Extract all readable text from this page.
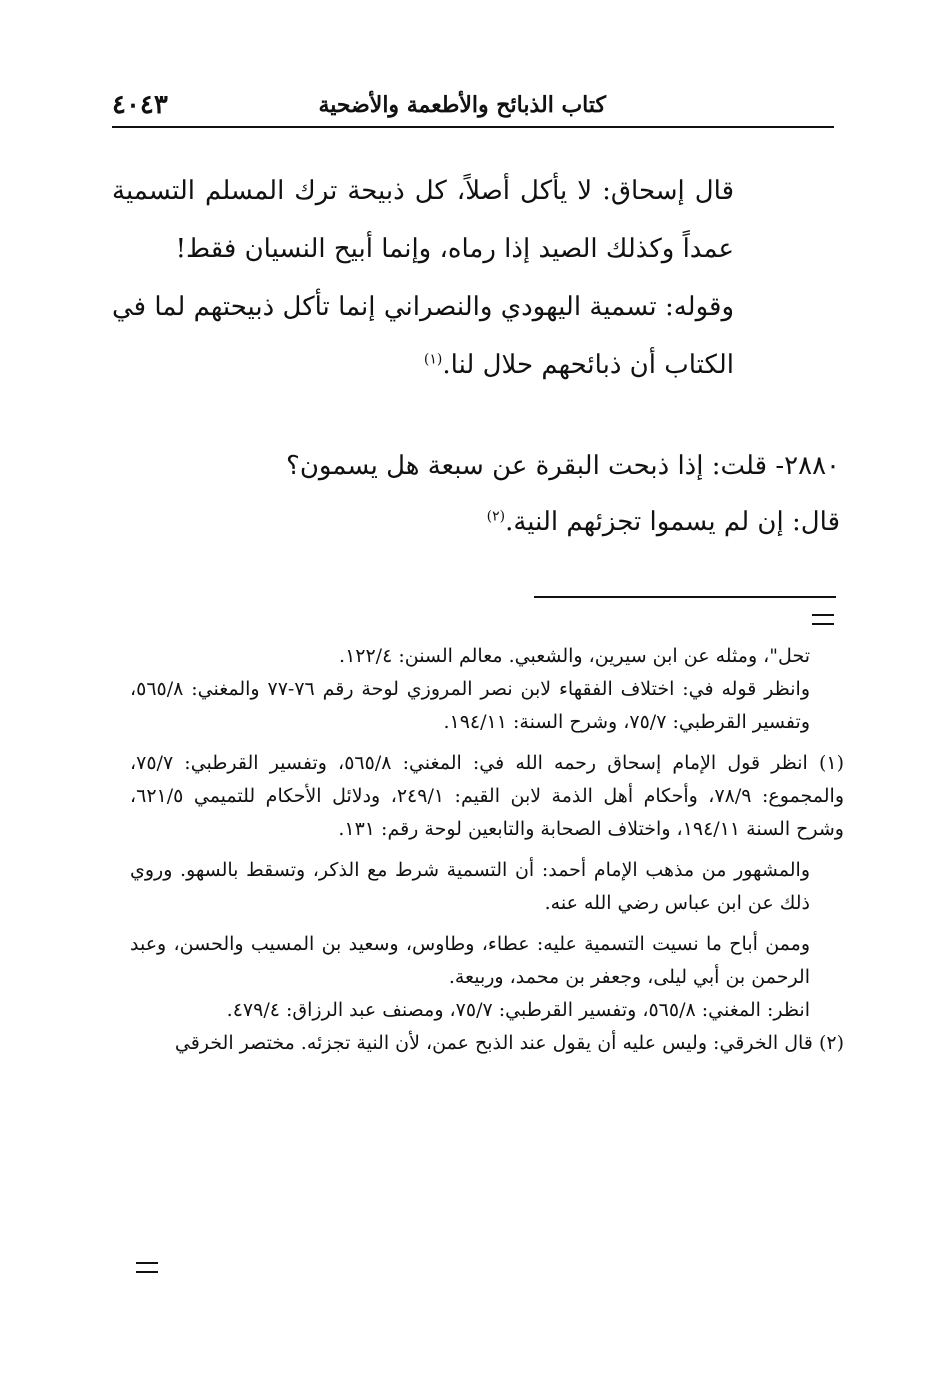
كتاب الذبائح والأطعمة والأضحية
٤٠٤٣

قال إسحاق: لا يأكل أصلاً، كل ذبيحة ترك المسلم التسمية عمداً وكذلك الصيد إذا رماه، وإنما أبيح النسيان فقط!

وقوله: تسمية اليهودي والنصراني إنما تأكل ذبيحتهم لما في الكتاب أن ذبائحهم حلال لنا.$^{(١)}$

٢٨٨٠- قلت: إذا ذبحت البقرة عن سبعة هل يسمون؟

قال: إن لم يسموا تجزئهم النية.$^{(٢)}$

تحل"، ومثله عن ابن سيرين، والشعبي. معالم السنن: ١٢٢/٤.

وانظر قوله في: اختلاف الفقهاء لابن نصر المروزي لوحة رقم ٧٦-٧٧ والمغني: ٥٦٥/٨، وتفسير القرطبي: ٧٥/٧، وشرح السنة: ١٩٤/١١.

(١) انظر قول الإمام إسحاق رحمه الله في: المغني: ٥٦٥/٨، وتفسير القرطبي: ٧٥/٧، والمجموع: ٧٨/٩، وأحكام أهل الذمة لابن القيم: ٢٤٩/١، ودلائل الأحكام للتميمي ٦٢١/٥، وشرح السنة ١٩٤/١١، واختلاف الصحابة والتابعين لوحة رقم: ١٣١.

والمشهور من مذهب الإمام أحمد: أن التسمية شرط مع الذكر، وتسقط بالسهو. وروي ذلك عن ابن عباس رضي الله عنه.

وممن أباح ما نسيت التسمية عليه: عطاء، وطاوس، وسعيد بن المسيب والحسن، وعبد الرحمن بن أبي ليلى، وجعفر بن محمد، وربيعة.

انظر: المغني: ٥٦٥/٨، وتفسير القرطبي: ٧٥/٧، ومصنف عبد الرزاق: ٤٧٩/٤.

(٢) قال الخرقي: وليس عليه أن يقول عند الذبح عمن، لأن النية تجزئه. مختصر الخرقي
